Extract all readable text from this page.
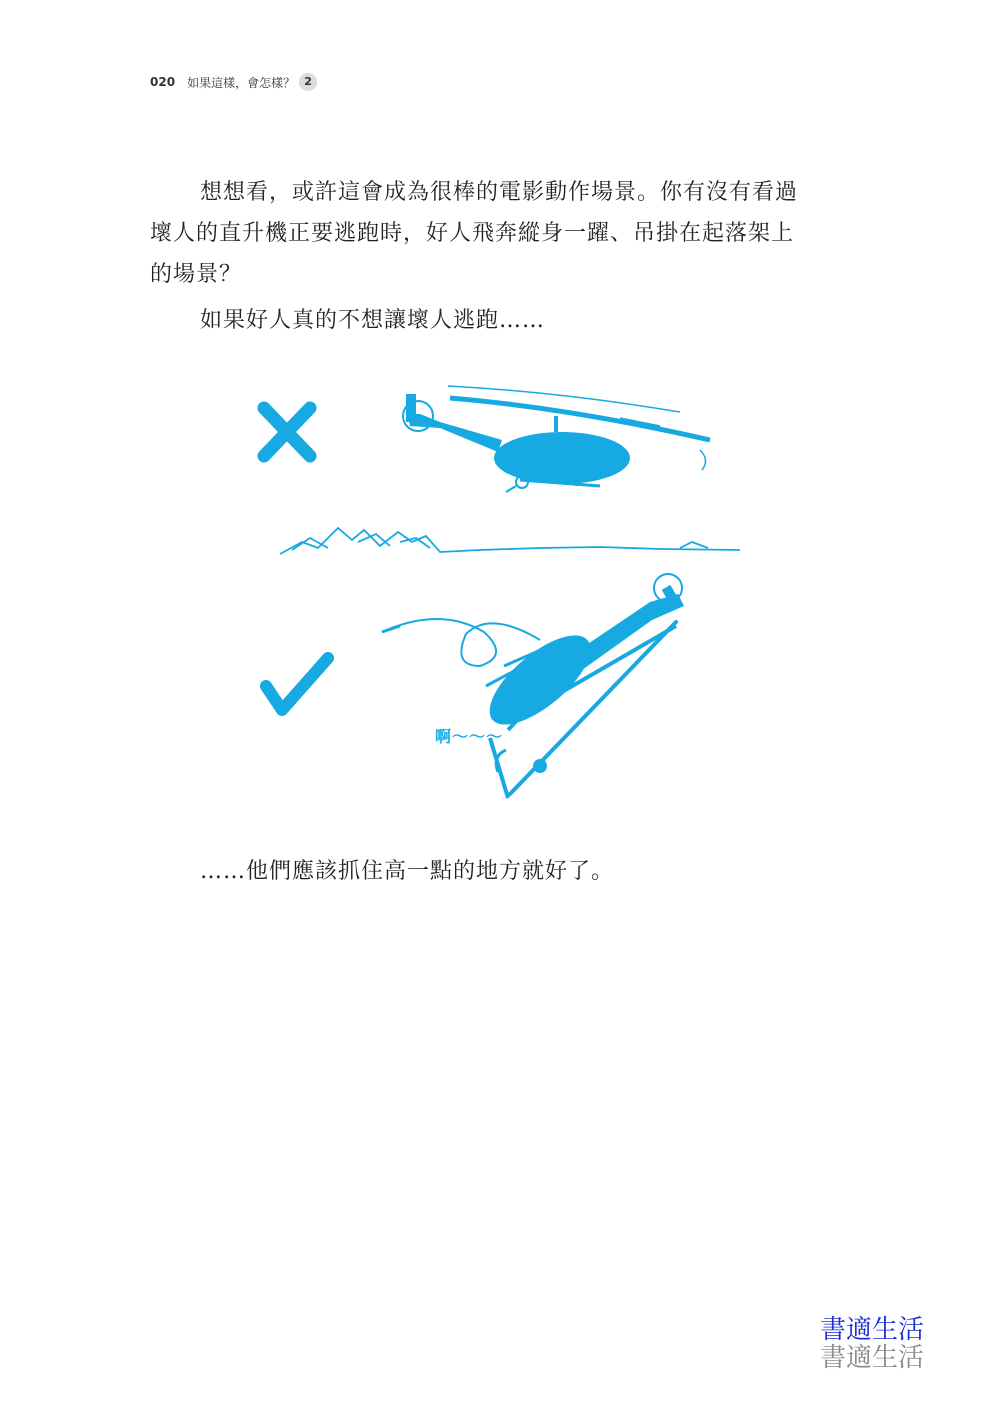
020 如果這樣，會怎樣？ 2
想想看，或許這會成為很棒的電影動作場景。你有沒有看過
壞人的直升機正要逃跑時，好人飛奔縱身一躍、吊掛在起落架上
的場景？
如果好人真的不想讓壞人逃跑……
啊～～～
……他們應該抓住高一點的地方就好了。
書適生活
書適生活
